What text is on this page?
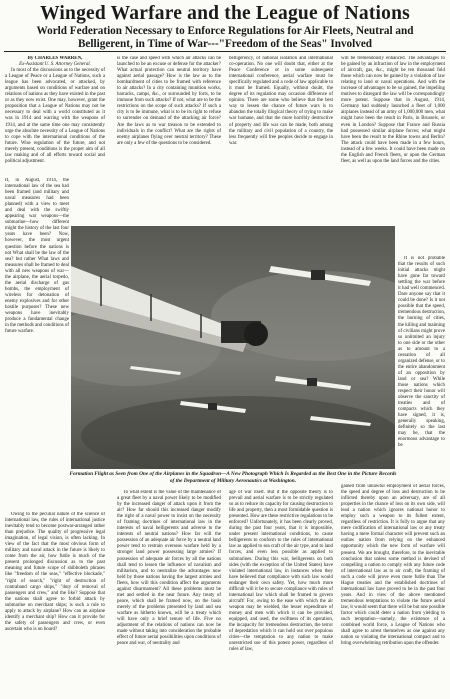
Winged Warfare and the League of Nations
World Federation Necessary to Enforce Regulations for Air Fleets, Neutral and Belligerent, in Time of War---"Freedom of the Seas" Involved

By CHARLES WARREN,

Ex-Assistant U. S. Attorney General.

In most of the discussions as to the necessity of a League of Peace or a League of Nations, such a league has been advocated, or attacked, by arguments based on conditions of warfare and on relations of nations as they have existed in the past or as they now exist. One may, however, grant the proposition that a League of Nations may not be necessary to deal with a world constituted as it was in 1914 and warring with the weapons of 1914, and at the same time one may consistently urge the absolute necessity of a League of Nations to cope with the international conditions of the future. Wise regulation of the future, and not merely present, conditions is the proper aim of all law making and of all efforts toward social and political adjustment.

If, in August, 1914, the international law of the sea had been framed (and military and naval measures had been planned) with a view to meet and deal with the swiftly appearing war weapons—the submarine—how different might the history of the last four years have been? Now, however, the most urgent question before the nations is not What shall be the law of the sea? but rather What laws and measures shall be framed to deal with all new weapons of war—the airplane, the aerial torpedo, the aerial discharge of gas bombs, the employment of wireless for detonation of enemy explosives and for other hostile purposes? These new weapons have inevitably produce a fundamental change in the methods and conditions of future warfare.

Owing to the peculiar nature of the science of international law, the rules of international justice inevitably tend to become postwar-arranged rather than prejudice. The quality of progressive legal imagination, of legal vision, is often lacking. In view of the fact that the most obvious form of military and naval attack in the future is likely to come from the air, how futile is much of the present prolonged discussion as to the past meaning and future scope of shibboleth phrases like "freedom of the seas," "effective blockade," "right of search," "right of destruction of contraband cargo ships," "duty of removal of passengers and crew," and the like? Suppose that the nations shall agree to forbid attack by submarine on merchant ships; is such a rule to apply to attack by airplane? How can an airplane identify a merchant ship? How can it provide for the safety of passengers and crew, or even ascertain who is on board?

is the case and speed with which air attacks can be launched to be an excuse or defense for the attacker? What actual protection can neutral territory have against aerial passage? How is the law as to the bombardment of cities to be framed with reference to air attacks? In a city containing munition works, barracks, camps, &c., or surrounded by forts, to be immune from such attacks? If not, what are to be the restrictions on the scope of such attacks? If such a city is to be immune, what is to be its right to refuse to surrender on demand of the attacking air force? Are the laws as to war treason to be extended to individuals in the conflict? What are the rights of enemy airplanes flying over neutral territory? These are only a few of the questions to be considered.

To what extent is the value of the maintenance of a great fleet by a naval power likely to be modified by the increased danger of attack upon it from the air? How far should this increased danger modify the right of a naval power to insist on the necessity of framing doctrines of international law in the interests of naval belligerents and adverse to the interests of neutral nations? How far will the possession of an adequate air force by a neutral land power tend to restrain overseas warfare held by a stronger land power possessing large armies? If possession of adequate air forces by all the nations shall tend to lessen the influence of navalism and militarism, and to neutralize the advantages now held by those nations having the largest armies and fleets, how will this condition affect the arguments against disarmament? All these problems must be met and settled in the near future. Any treaty of peace, which shall be framed now, on the basis merely of the problems presented by land and sea warfare as hitherto known, will be a treaty which will have only a brief tenure of life. Five no adjustment of the relations of nations can now be made without taking into consideration the probable effect of future aerial possibilities upon conditions of peace and war, of neutrality and

belligerency, of national isolation and international co-operation. No one will doubt that, either at the Peace Conference or in some subsequent international conference, aerial warfare must be specifically regulated and a code of law applicable to it must be framed. Equally, without doubt, the degree of its regulation may occasion difference of opinion. There are some who believe that the best way to lessen the chance of future wars is to abandon the totally illogical theory of trying to make war humane, and that the more horribly destructive of property and life war can be made, both among the military and civil population of a country, the less frequently will free peoples decide to engage in war.

age of war itself. But if the opposite theory is to prevail and aerial warfare is to be strictly regulated so as to reduce its capacity for causing destruction to life and property, then a most formidable question is presented. How are these restrictive regulations to be enforced? Unfortunately, it has been clearly proved, during the past four years, that it is impossible, under present international conditions, to cause belligerents to conform to the rules of international law as applied to sea craft of the air type, and to land forces, and even less possible as applied to submarines. During this war, belligerents on both sides (with the exception of the United States) have violated international law, in instances when they have believed that compliance with such law would endanger their own safety. Yet, how much more difficult will it be to secure compliance with rules of international law which shall be framed to govern aircraft! For, owing to the ease with which the air weapon may be wielded, the lesser expenditure of money and men with which it can be provided, equipped, and used, the swiftness of its operation, the incapacity for tremendous destruction, the terror of depredation which it can hold out over populous cities—the temptation to any nation to make unrestricted use of this potent power, regardless of rules of law,

will be tremendously enhanced. The advantages to be gained by an infraction of law in the employment of aircraft, gas, &c., might be ten thousand fold those which can now be gained by a violation of law relating to land or naval operations. And with the increase of advantages to be so gained, the impelling motives to disregard the law will be correspondingly more potent. Suppose that in August, 1914, Germany had suddenly launched a fleet of 1,000 airplanes instead of an army of 1,000,000 men, what might have been the result in Paris, in Brussels, or even in London? Suppose that France and Russia had possessed similar airplane forces; what might have been the result to the Rhine towns and Berlin? The attack could have been made in a few hours, instead of a few weeks. It could have been made on the English and French fleets, or upon the German fleet, as well as upon the land forces and the cities.

It is not probable that the results of such initial attacks might have gone far toward settling the war before it had well commenced. Dare anyone say that it could be done? Is it not possible that the speed, tremendous destruction, the burning of cities, the killing and maiming of civilians might prove so unlimited an injury to one side or the other as to amount to a cessation of all organized defense, or to the entire abandonment of an opposition by land or sea? While those nations which respect their honor will observe the sanctity of treaties and of compacts which they have signed, it is, generally speaking, definitely so the last may be, that the enormous advantage to be

gained from unlawful employment of aerial forces, the speed and degree of loss and destruction to be inflicted thereby upon an adversary, are of all properties in the chance of loss on its own side, will lead a nation which ignores national honor to employ such a weapon to its fullest extent, regardless of restriction. It is folly to argue that any mere codification of international law or any treaty having a mere formal character will prevent such an outlaw nation from relying on the enhanced opportunity which the new form of warfare will present. We are brought, therefore, to the inevitable conclusion that unless some method is devised of compelling a nation to comply with any future code of international law as to air craft, the framing of such a code will prove even more futile than The Hague treaties and the established doctrines of international law have proved to be in the past four years. And in view of the above mentioned tremendous temptations to violate the future aerial law, it would seem that there will be but one possible factor which could deter a nation from yielding to such temptation—namely, the existence of a combined world force, a League of Nations who shall agree to arrest themselves as one against any nation so violating the international compact and to bring overwhelming retribution upon the offender.

Formation Flight as Seen from One of the Airplanes in the Squadron—A New Photograph Which Is Regarded as the Best One in the Picture Records of the Department of Military Aeronautics at Washington.
